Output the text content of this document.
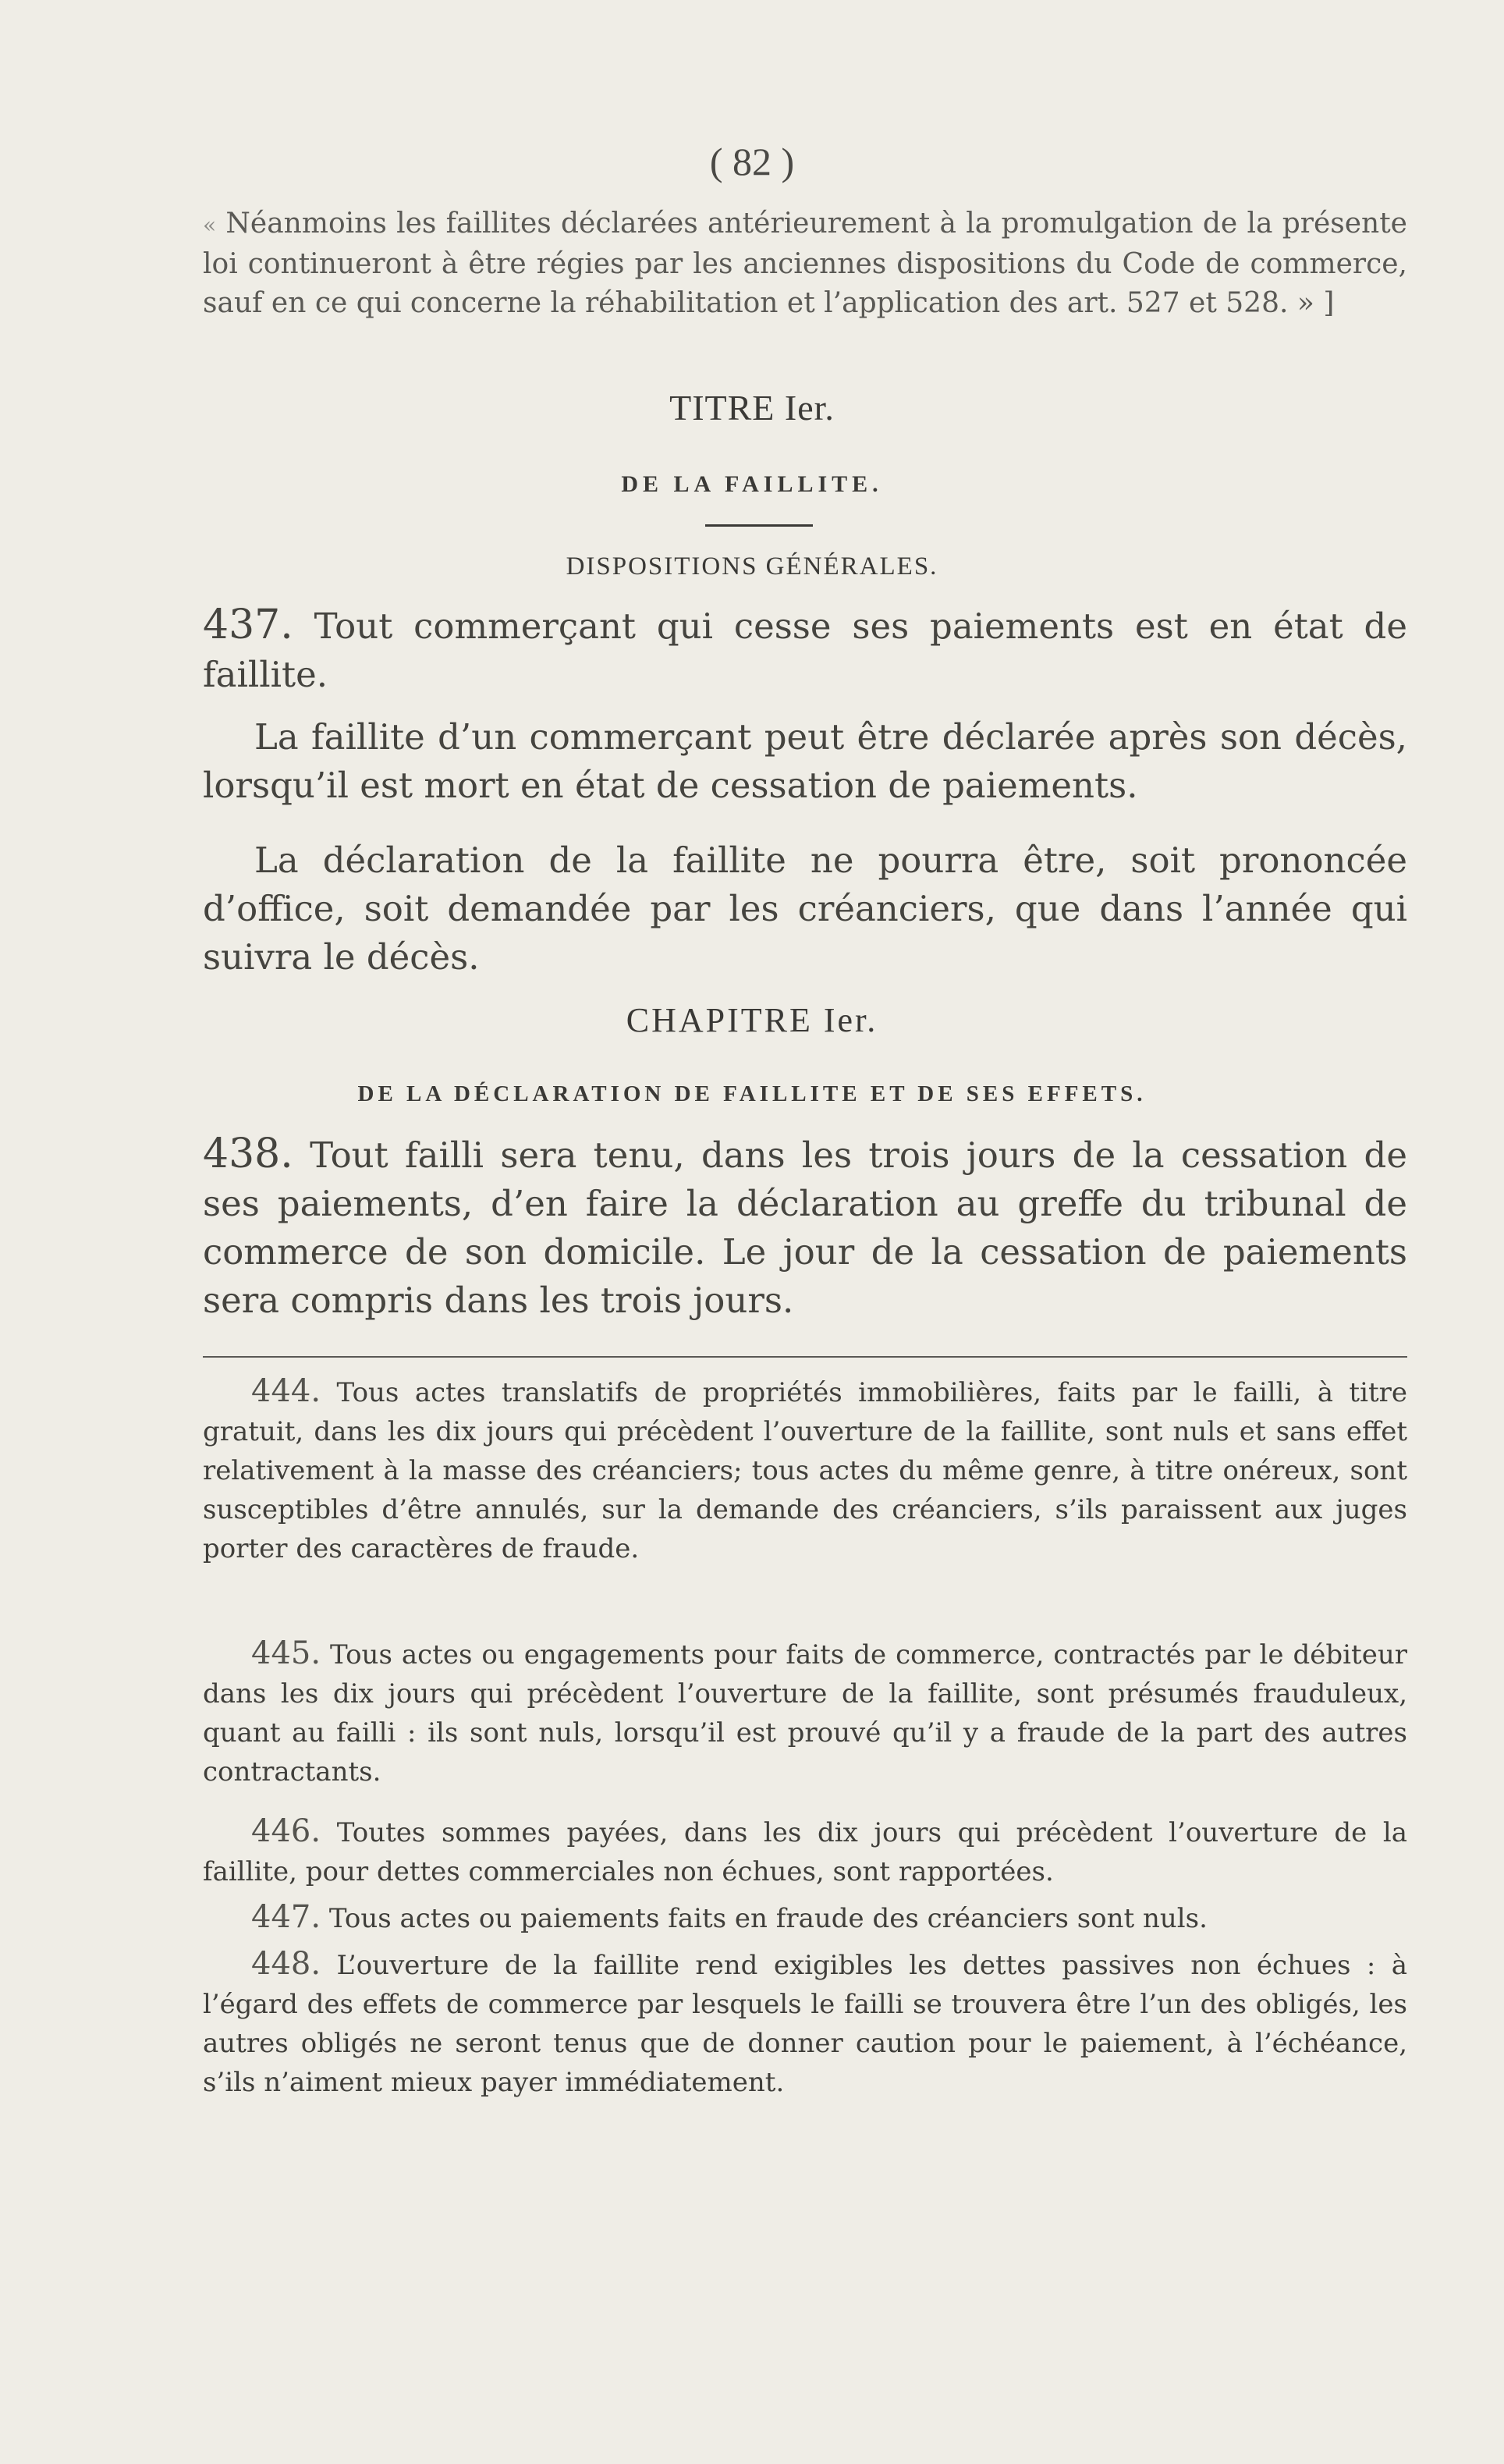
( 82 )
« Néanmoins les faillites déclarées antérieurement à la promulgation de la présente loi continueront à être régies par les anciennes dispositions du Code de commerce, sauf en ce qui concerne la réhabilitation et l’application des art. 527 et 528. » ]
TITRE Ier.
DE LA FAILLITE.
DISPOSITIONS GÉNÉRALES.
437. Tout commerçant qui cesse ses paiements est en état de faillite.
La faillite d’un commerçant peut être déclarée après son décès, lorsqu’il est mort en état de cessation de paiements.
La déclaration de la faillite ne pourra être, soit prononcée d’office, soit demandée par les créanciers, que dans l’année qui suivra le décès.
CHAPITRE Ier.
DE LA DÉCLARATION DE FAILLITE ET DE SES EFFETS.
438. Tout failli sera tenu, dans les trois jours de la cessation de ses paiements, d’en faire la déclaration au greffe du tribunal de commerce de son domicile. Le jour de la cessation de paiements sera compris dans les trois jours.
444. Tous actes translatifs de propriétés immobilières, faits par le failli, à titre gratuit, dans les dix jours qui précèdent l’ouverture de la faillite, sont nuls et sans effet relativement à la masse des créanciers; tous actes du même genre, à titre onéreux, sont susceptibles d’être annulés, sur la demande des créanciers, s’ils paraissent aux juges porter des caractères de fraude.
445. Tous actes ou engagements pour faits de commerce, contractés par le débiteur dans les dix jours qui précèdent l’ouverture de la faillite, sont présumés frauduleux, quant au failli : ils sont nuls, lorsqu’il est prouvé qu’il y a fraude de la part des autres contractants.
446. Toutes sommes payées, dans les dix jours qui précèdent l’ouverture de la faillite, pour dettes commerciales non échues, sont rapportées.
447. Tous actes ou paiements faits en fraude des créanciers sont nuls.
448. L’ouverture de la faillite rend exigibles les dettes passives non échues : à l’égard des effets de commerce par lesquels le failli se trouvera être l’un des obligés, les autres obligés ne seront tenus que de donner caution pour le paiement, à l’échéance, s’ils n’aiment mieux payer immédiatement.
